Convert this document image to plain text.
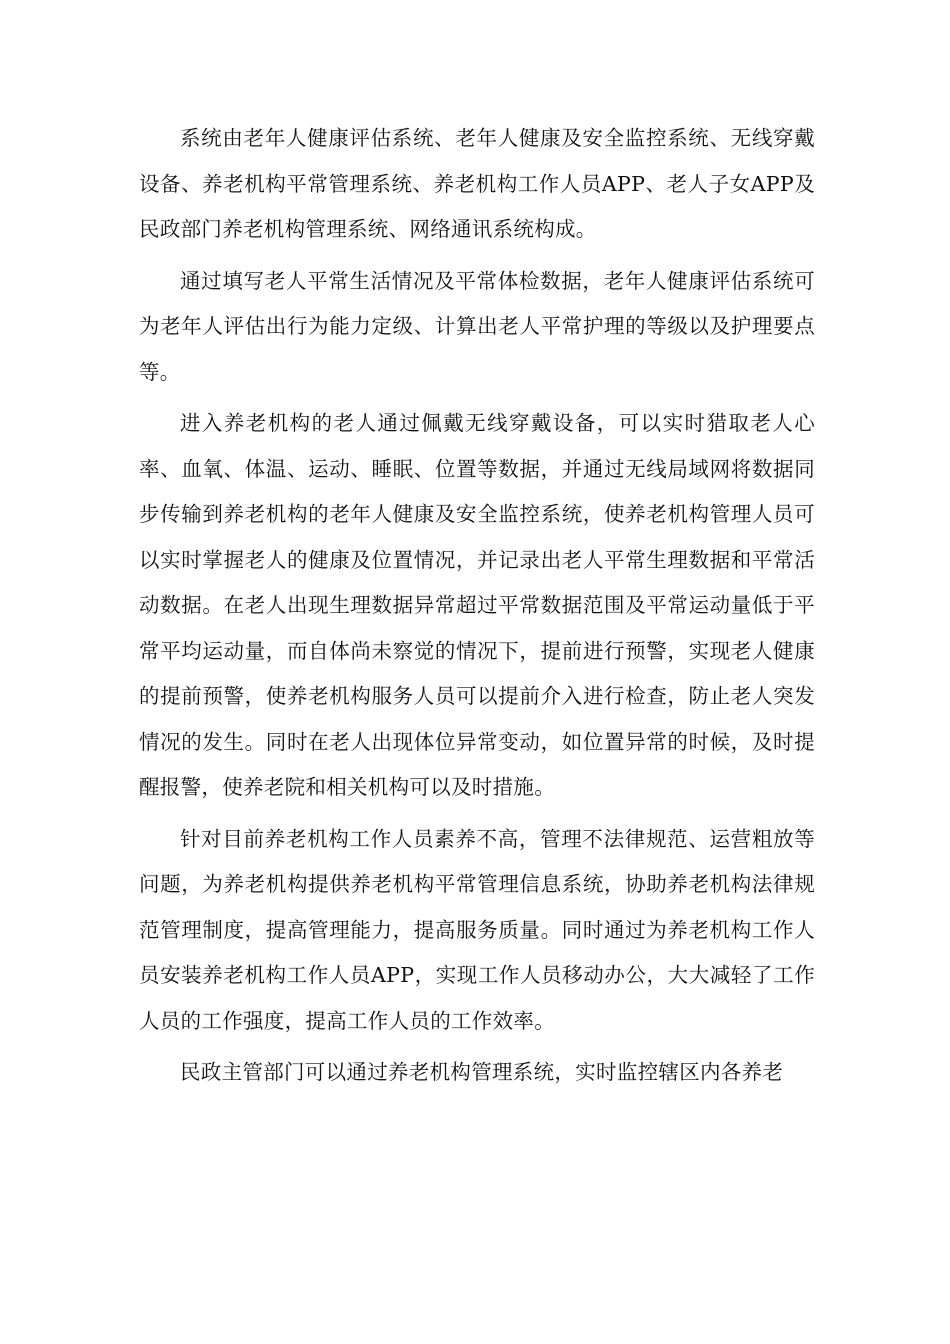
系统由老年人健康评估系统、老年人健康及安全监控系统、无线穿戴设备、养老机构平常管理系统、养老机构工作人员APP、老人子女APP及民政部门养老机构管理系统、网络通讯系统构成。

通过填写老人平常生活情况及平常体检数据，老年人健康评估系统可为老年人评估出行为能力定级、计算出老人平常护理的等级以及护理要点等。

进入养老机构的老人通过佩戴无线穿戴设备，可以实时猎取老人心率、血氧、体温、运动、睡眠、位置等数据，并通过无线局域网将数据同步传输到养老机构的老年人健康及安全监控系统，使养老机构管理人员可以实时掌握老人的健康及位置情况，并记录出老人平常生理数据和平常活动数据。在老人出现生理数据异常超过平常数据范围及平常运动量低于平常平均运动量，而自体尚未察觉的情况下，提前进行预警，实现老人健康的提前预警，使养老机构服务人员可以提前介入进行检查，防止老人突发情况的发生。同时在老人出现体位异常变动，如位置异常的时候，及时提醒报警，使养老院和相关机构可以及时措施。

针对目前养老机构工作人员素养不高，管理不法律规范、运营粗放等问题，为养老机构提供养老机构平常管理信息系统，协助养老机构法律规范管理制度，提高管理能力，提高服务质量。同时通过为养老机构工作人员安装养老机构工作人员APP，实现工作人员移动办公，大大减轻了工作人员的工作强度，提高工作人员的工作效率。

民政主管部门可以通过养老机构管理系统，实时监控辖区内各养老
